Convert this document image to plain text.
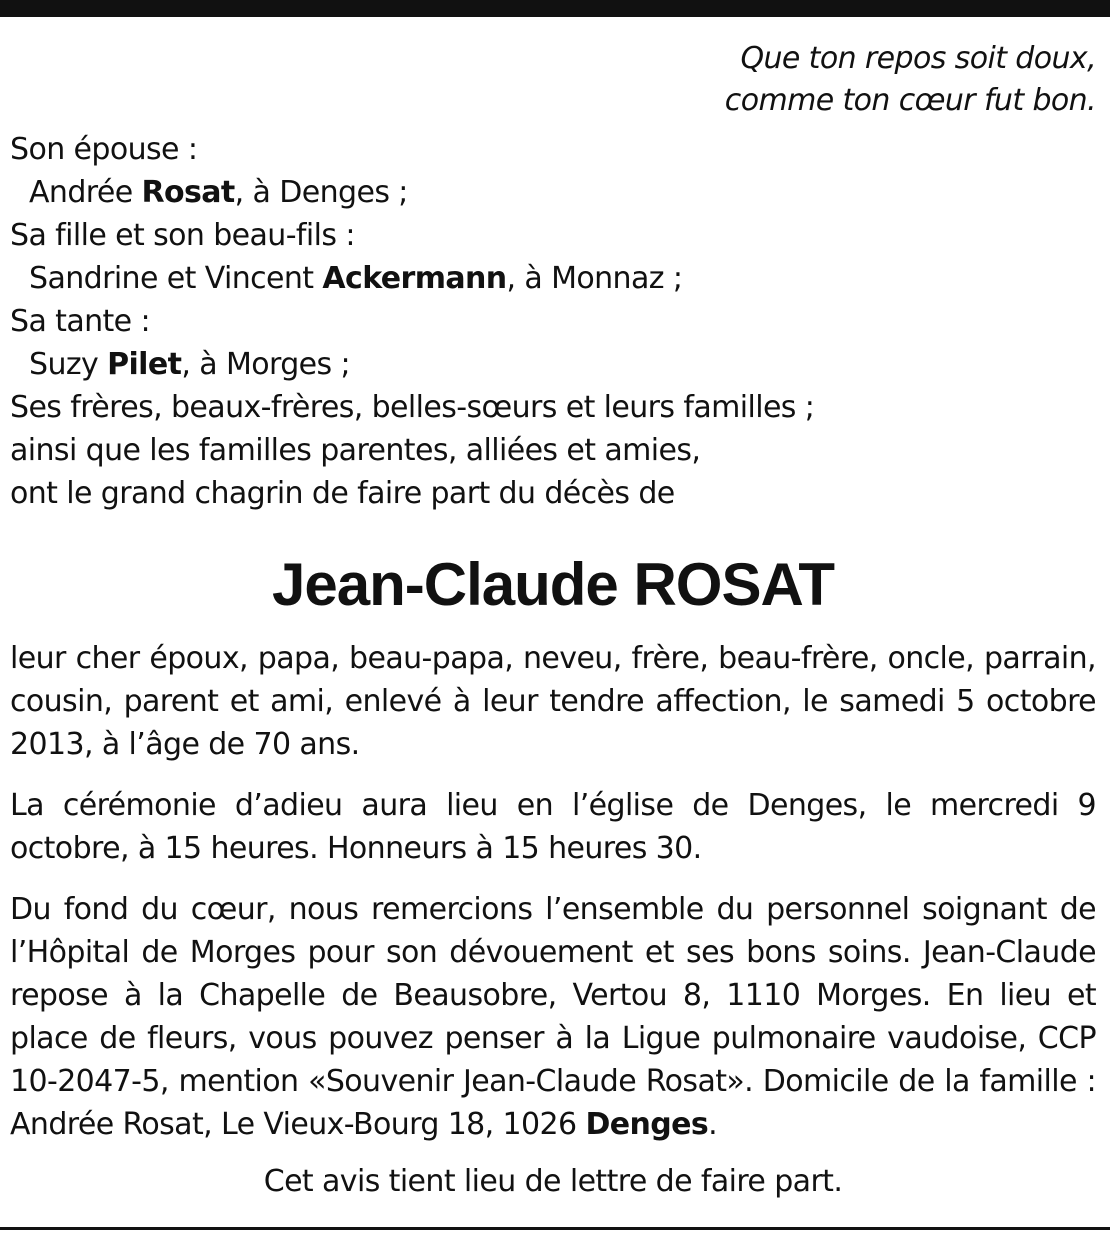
Que ton repos soit doux,
comme ton cœur fut bon.
Son épouse :
Andrée Rosat, à Denges ;
Sa fille et son beau-fils :
Sandrine et Vincent Ackermann, à Monnaz ;
Sa tante :
Suzy Pilet, à Morges ;
Ses frères, beaux-frères, belles-sœurs et leurs familles ;
ainsi que les familles parentes, alliées et amies,
ont le grand chagrin de faire part du décès de
Jean-Claude ROSAT

leur cher époux, papa, beau-papa, neveu, frère, beau-frère, oncle, parrain, cousin, parent et ami, enlevé à leur tendre affection, le samedi 5 octobre 2013, à l’âge de 70 ans.

La cérémonie d’adieu aura lieu en l’église de Denges, le mercredi 9 octobre, à 15 heures. Honneurs à 15 heures 30.

Du fond du cœur, nous remercions l’ensemble du personnel soignant de l’Hôpital de Morges pour son dévouement et ses bons soins. Jean-Claude repose à la Chapelle de Beausobre, Vertou 8, 1110 Morges. En lieu et place de fleurs, vous pouvez penser à la Ligue pulmonaire vaudoise, CCP 10-2047-5, mention «Souvenir Jean-Claude Rosat». Domicile de la famille : Andrée Rosat, Le Vieux-Bourg 18, 1026 Denges.

Cet avis tient lieu de lettre de faire part.
